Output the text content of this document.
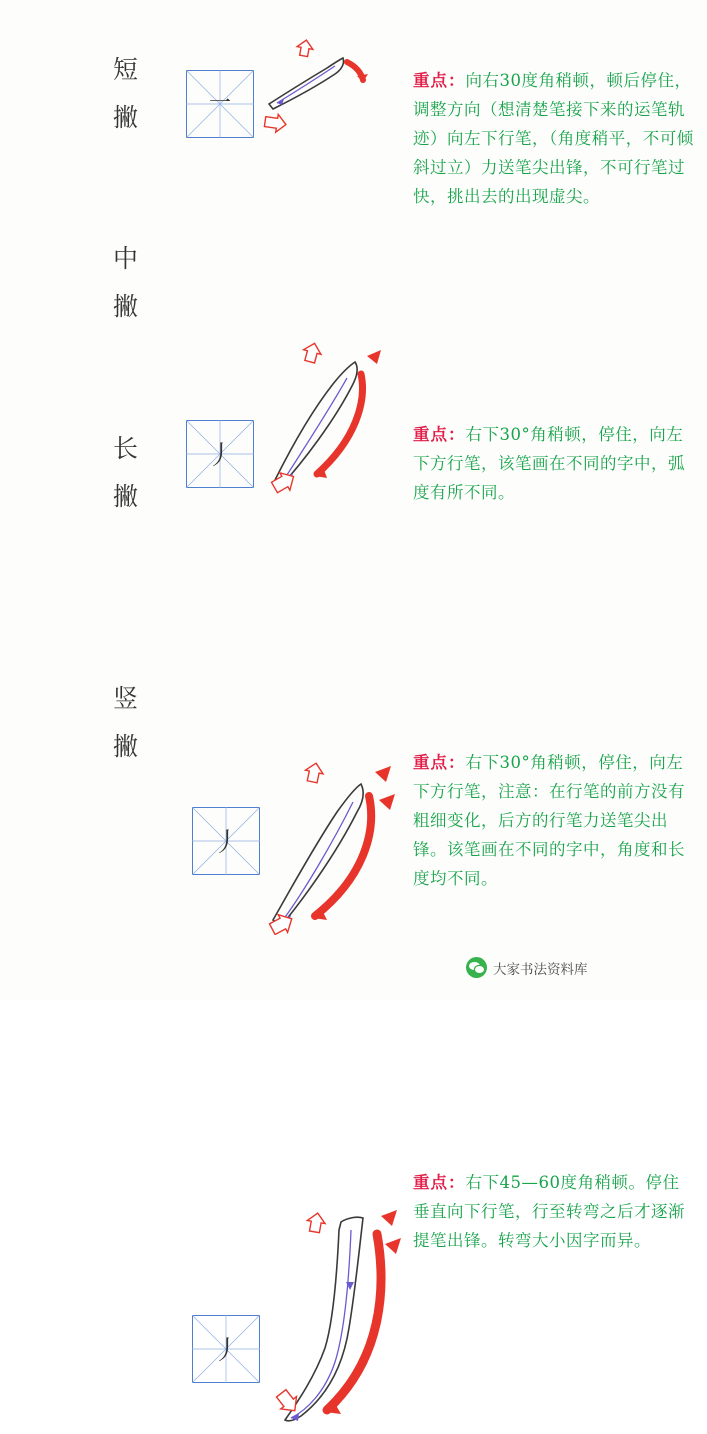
短
撇	一
重点：向右30度角稍顿，顿后停住，调整方向（想清楚笔接下来的运笔轨迹）向左下行笔，（角度稍平，不可倾斜过立）力送笔尖出锋，不可行笔过快，挑出去的出现虚尖。
中
撇
丿
重点：右下30°角稍顿，停住，向左下方行笔，该笔画在不同的字中，弧度有所不同。
长
撇
丿
重点：右下30°角稍顿，停住，向左下方行笔，注意：在行笔的前方没有粗细变化，后方的行笔力送笔尖出锋。该笔画在不同的字中，角度和长度均不同。
竖
撇
丿
重点：右下45—60度角稍顿。停住垂直向下行笔，行至转弯之后才逐渐提笔出锋。转弯大小因字而异。
大家书法资料库
